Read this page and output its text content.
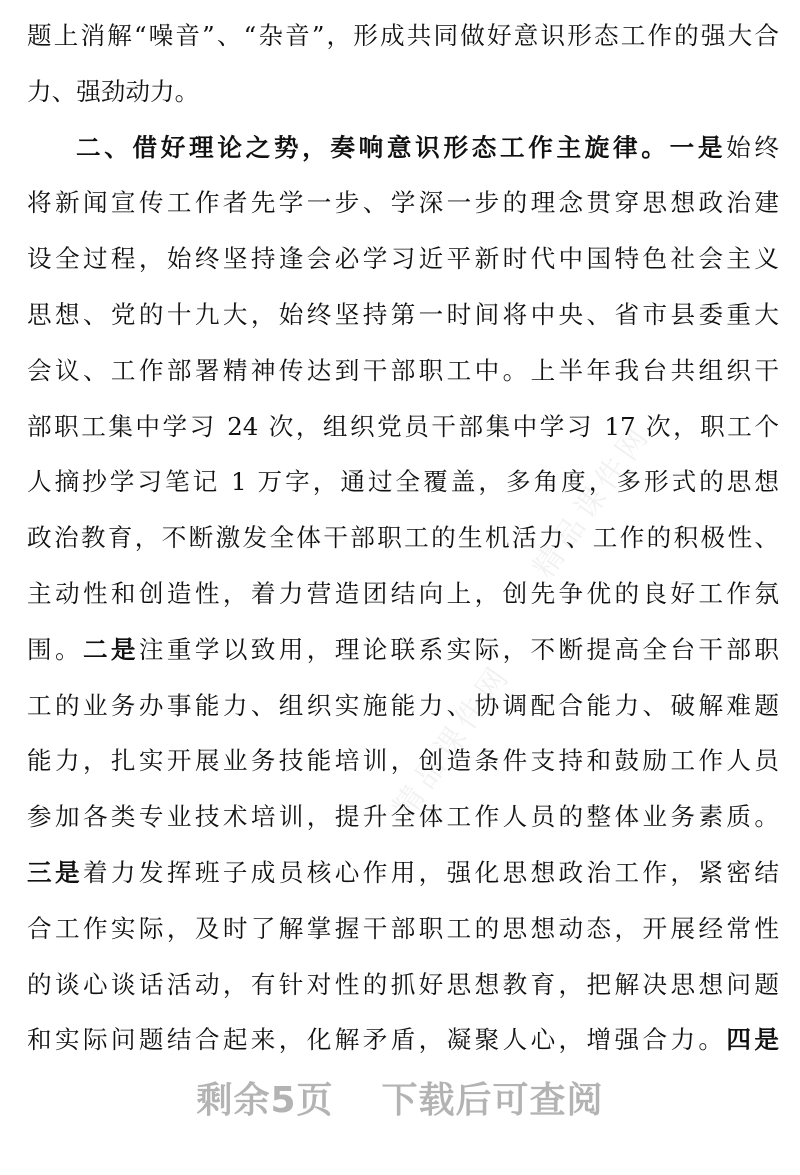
精品课件网
精品课件网
题上消解“噪音”、“杂音”，形成共同做好意识形态工作的强大合
力、强劲动力。
二、借好理论之势，奏响意识形态工作主旋律。一是始终
将新闻宣传工作者先学一步、学深一步的理念贯穿思想政治建
设全过程，始终坚持逢会必学习近平新时代中国特色社会主义
思想、党的十九大，始终坚持第一时间将中央、省市县委重大
会议、工作部署精神传达到干部职工中。上半年我台共组织干
部职工集中学习 24 次，组织党员干部集中学习 17 次，职工个
人摘抄学习笔记 1 万字，通过全覆盖，多角度，多形式的思想
政治教育，不断激发全体干部职工的生机活力、工作的积极性、
主动性和创造性，着力营造团结向上，创先争优的良好工作氛
围。二是注重学以致用，理论联系实际，不断提高全台干部职
工的业务办事能力、组织实施能力、协调配合能力、破解难题
能力，扎实开展业务技能培训，创造条件支持和鼓励工作人员
参加各类专业技术培训，提升全体工作人员的整体业务素质。
三是着力发挥班子成员核心作用，强化思想政治工作，紧密结
合工作实际，及时了解掌握干部职工的思想动态，开展经常性
的谈心谈话活动，有针对性的抓好思想教育，把解决思想问题
和实际问题结合起来，化解矛盾，凝聚人心，增强合力。四是
剩余5页 下载后可查阅
